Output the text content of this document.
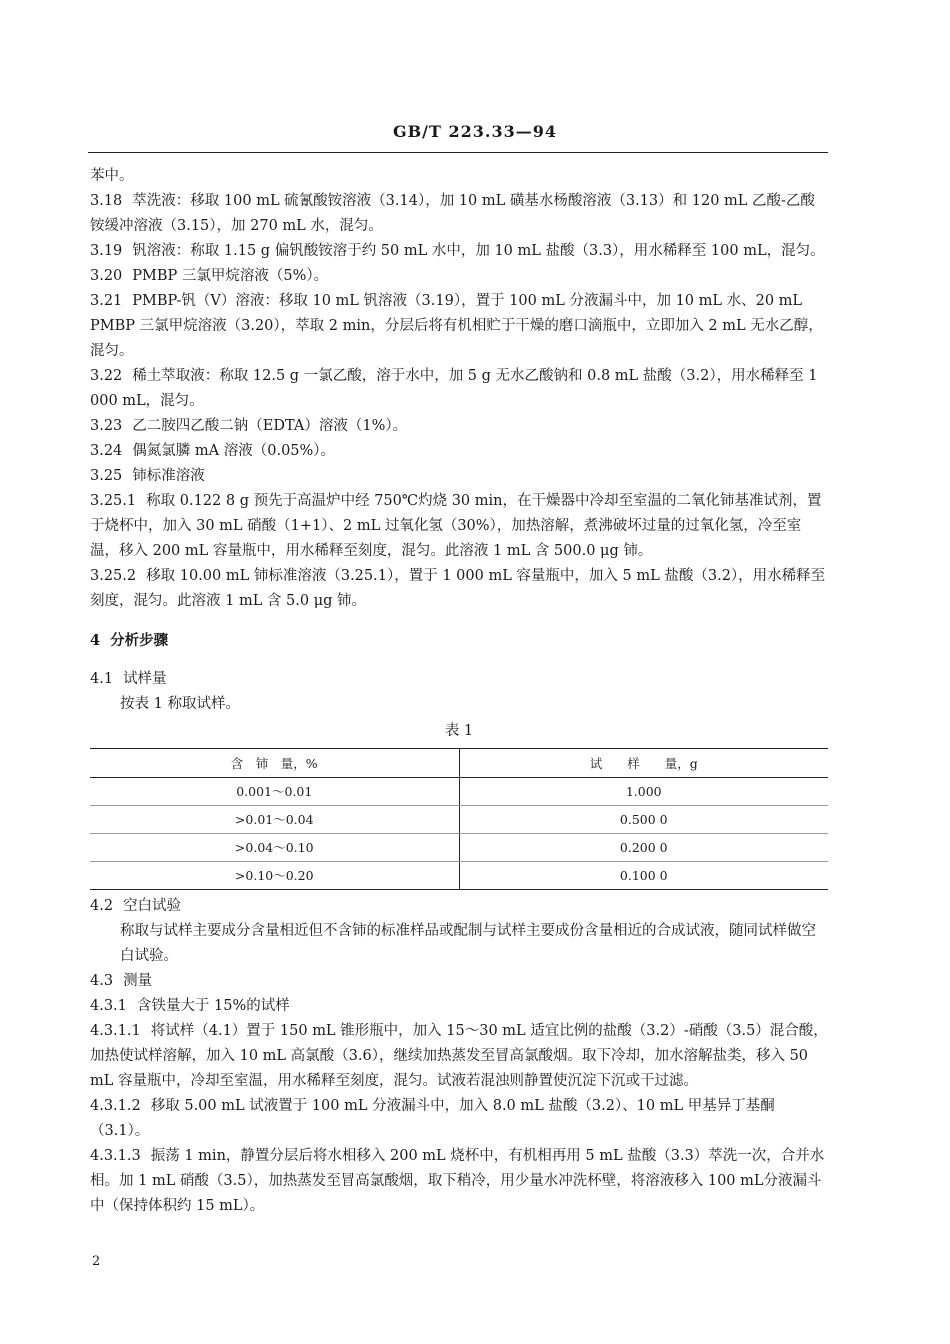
GB/T 223.33—94

苯中。

3.18 萃洗液：移取 100 mL 硫氰酸铵溶液（3.14），加 10 mL 磺基水杨酸溶液（3.13）和 120 mL 乙酸-乙酸铵缓冲溶液（3.15），加 270 mL 水，混匀。

3.19 钒溶液：称取 1.15 g 偏钒酸铵溶于约 50 mL 水中，加 10 mL 盐酸（3.3），用水稀释至 100 mL，混匀。

3.20 PMBP 三氯甲烷溶液（5%）。

3.21 PMBP-钒（Ⅴ）溶液：移取 10 mL 钒溶液（3.19），置于 100 mL 分液漏斗中，加 10 mL 水、20 mL PMBP 三氯甲烷溶液（3.20），萃取 2 min，分层后将有机相贮于干燥的磨口滴瓶中，立即加入 2 mL 无水乙醇，混匀。

3.22 稀土萃取液：称取 12.5 g 一氯乙酸，溶于水中，加 5 g 无水乙酸钠和 0.8 mL 盐酸（3.2），用水稀释至 1 000 mL，混匀。

3.23 乙二胺四乙酸二钠（EDTA）溶液（1%）。

3.24 偶氮氯膦 mA 溶液（0.05%）。

3.25 铈标准溶液

3.25.1 称取 0.122 8 g 预先于高温炉中经 750℃灼烧 30 min，在干燥器中冷却至室温的二氧化铈基准试剂，置于烧杯中，加入 30 mL 硝酸（1+1）、2 mL 过氧化氢（30%），加热溶解，煮沸破坏过量的过氧化氢，冷至室温，移入 200 mL 容量瓶中，用水稀释至刻度，混匀。此溶液 1 mL 含 500.0 μg 铈。

3.25.2 移取 10.00 mL 铈标准溶液（3.25.1），置于 1 000 mL 容量瓶中，加入 5 mL 盐酸（3.2），用水稀释至刻度，混匀。此溶液 1 mL 含 5.0 μg 铈。

4 分析步骤

4.1 试样量

按表 1 称取试样。

表 1

含　铈　量，%	试　　样　　量，g
0.001～0.01	1.000
>0.01～0.04	0.500 0
>0.04～0.10	0.200 0
>0.10～0.20	0.100 0

4.2 空白试验

称取与试样主要成分含量相近但不含铈的标准样品或配制与试样主要成份含量相近的合成试液，随同试样做空白试验。

4.3 测量

4.3.1 含铁量大于 15%的试样

4.3.1.1 将试样（4.1）置于 150 mL 锥形瓶中，加入 15～30 mL 适宜比例的盐酸（3.2）-硝酸（3.5）混合酸，加热使试样溶解，加入 10 mL 高氯酸（3.6），继续加热蒸发至冒高氯酸烟。取下冷却，加水溶解盐类，移入 50 mL 容量瓶中，冷却至室温，用水稀释至刻度，混匀。试液若混浊则静置使沉淀下沉或干过滤。

4.3.1.2 移取 5.00 mL 试液置于 100 mL 分液漏斗中，加入 8.0 mL 盐酸（3.2）、10 mL 甲基异丁基酮（3.1）。

4.3.1.3 振荡 1 min，静置分层后将水相移入 200 mL 烧杯中，有机相再用 5 mL 盐酸（3.3）萃洗一次，合并水相。加 1 mL 硝酸（3.5），加热蒸发至冒高氯酸烟，取下稍冷，用少量水冲洗杯壁，将溶液移入 100 mL分液漏斗中（保持体积约 15 mL）。

2
